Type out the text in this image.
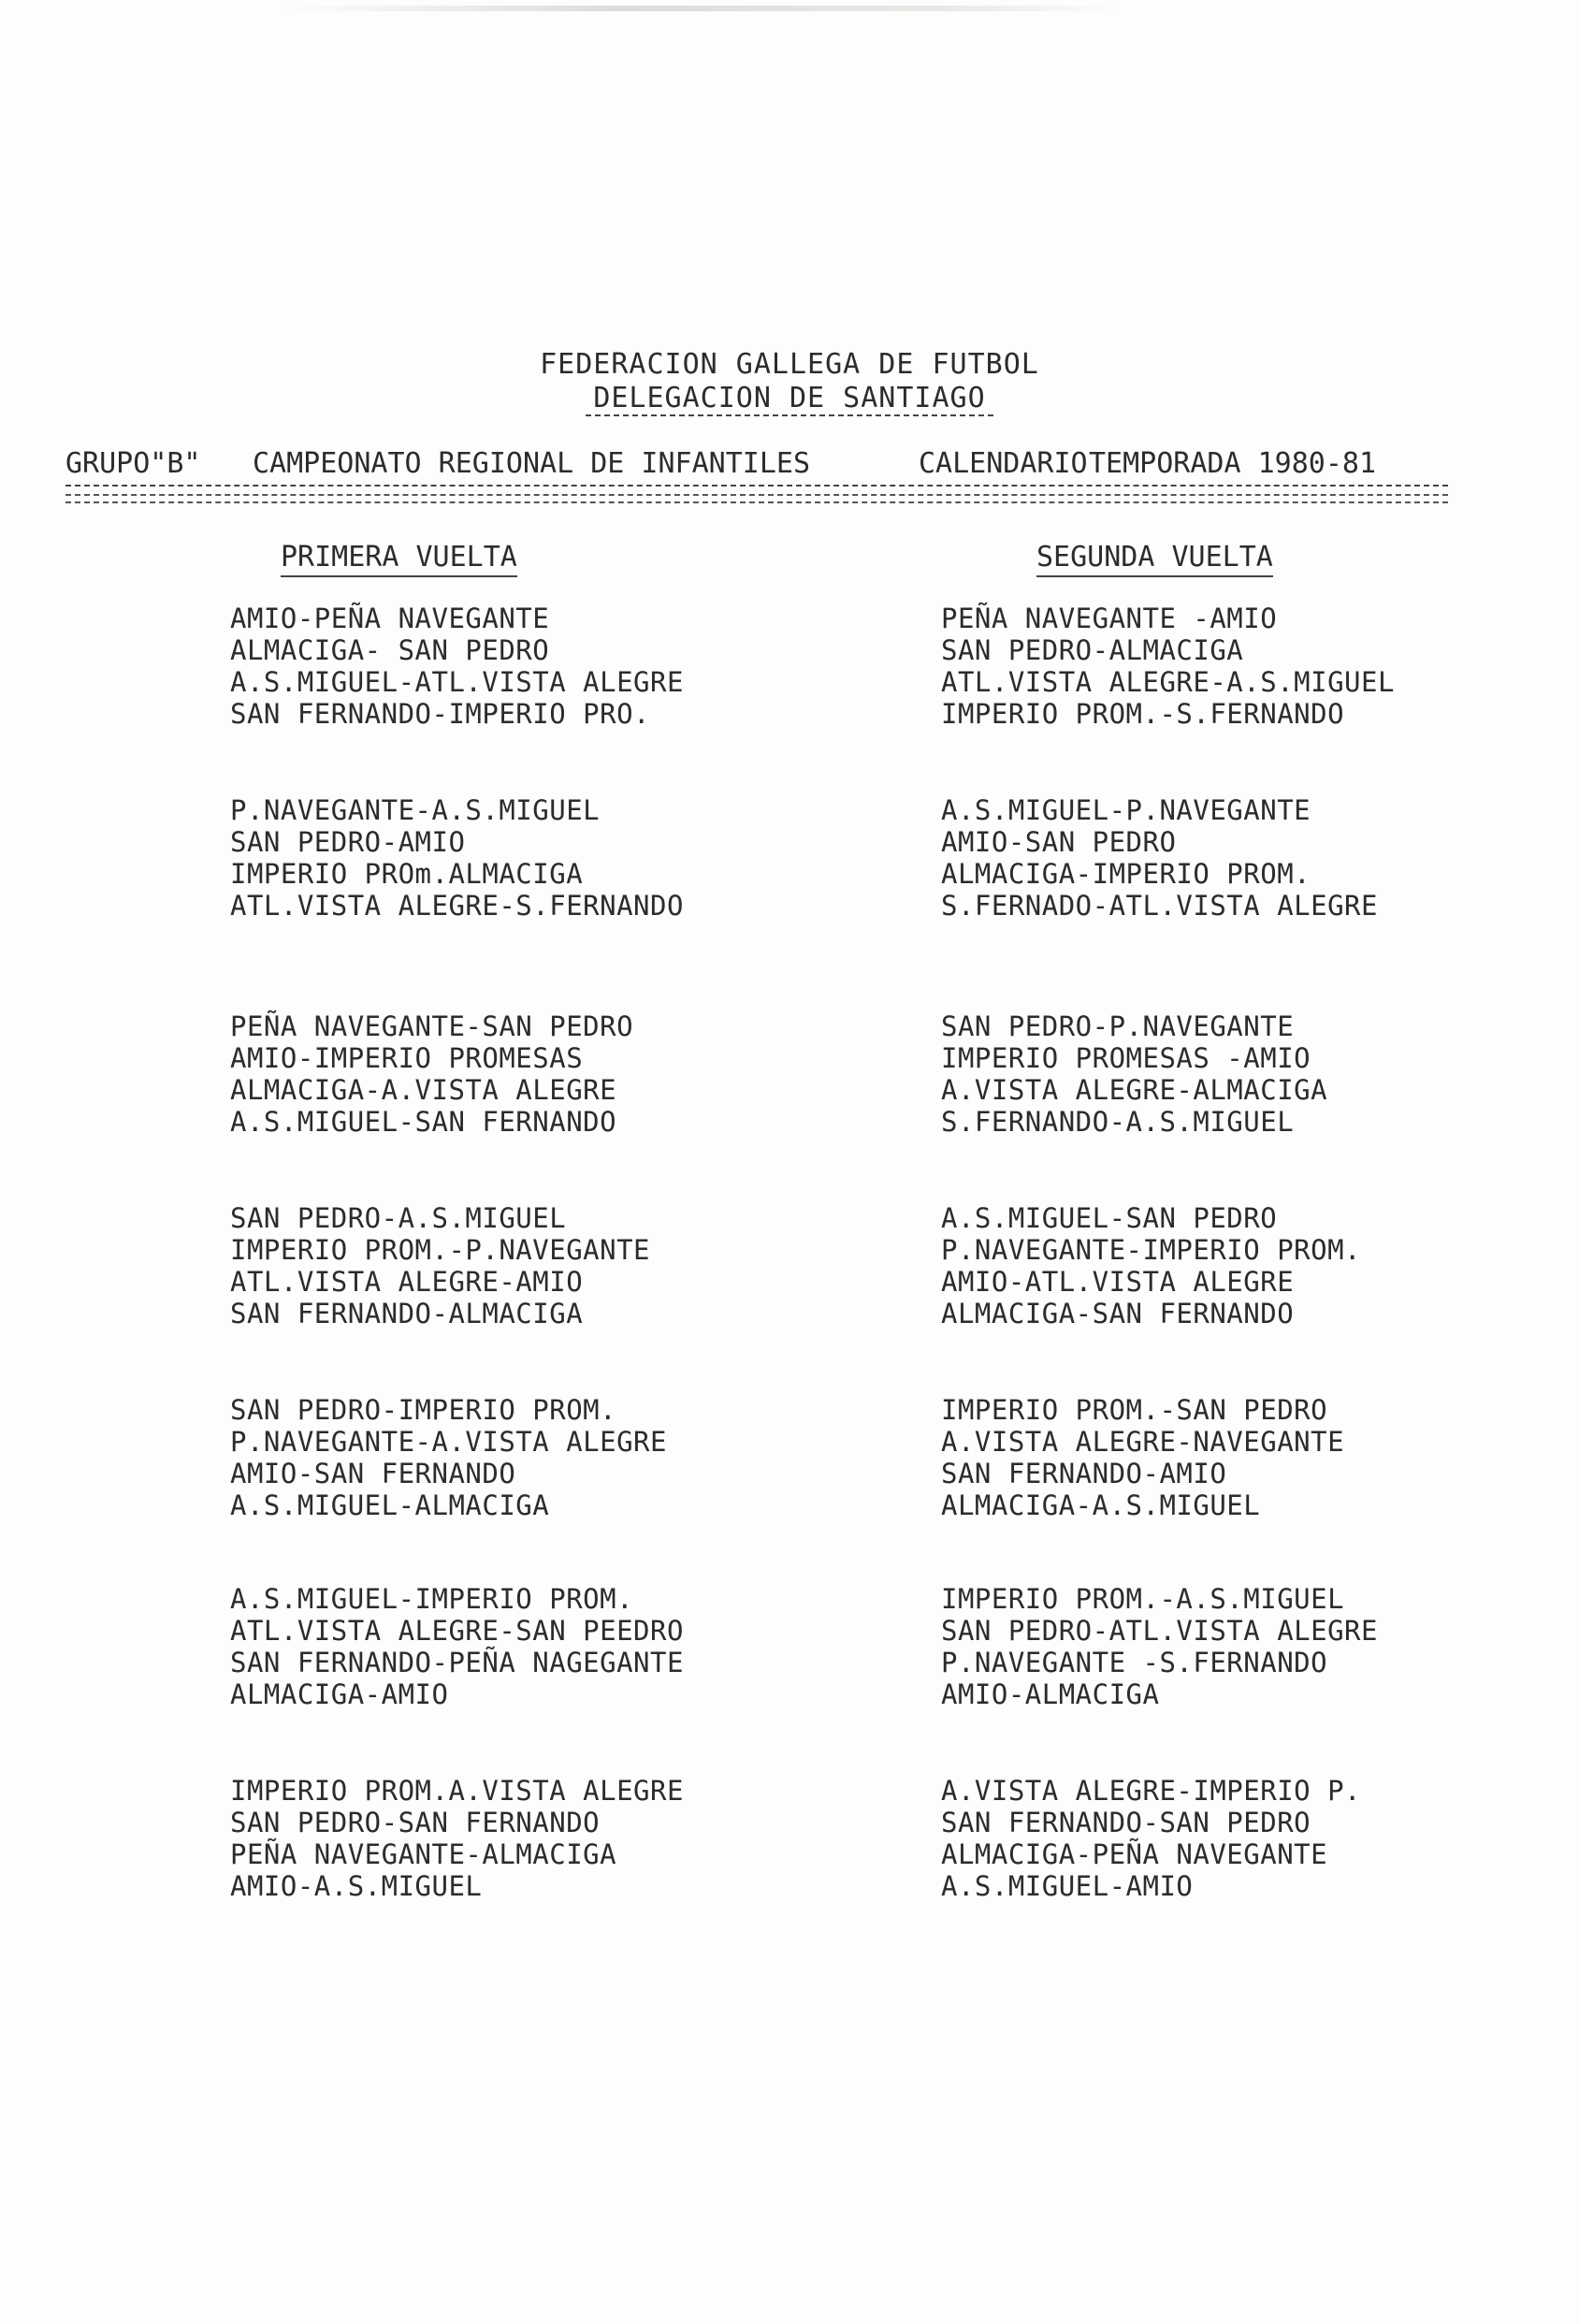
FEDERACION GALLEGA DE FUTBOL
DELEGACION DE SANTIAGO
GRUPO"B" CAMPEONATO REGIONAL DE INFANTILES	CALENDARIO TEMPORADA 1980-81
PRIMERA VUELTA	SEGUNDA VUELTA
AMIO-PEÑA NAVEGANTE
ALMACIGA- SAN PEDRO
A.S.MIGUEL-ATL.VISTA ALEGRE
SAN FERNANDO-IMPERIO PRO.
PEÑA NAVEGANTE -AMIO
SAN PEDRO-ALMACIGA
ATL.VISTA ALEGRE-A.S.MIGUEL
IMPERIO PROM.-S.FERNANDO
P.NAVEGANTE-A.S.MIGUEL
SAN PEDRO-AMIO
IMPERIO PROm.ALMACIGA
ATL.VISTA ALEGRE-S.FERNANDO
A.S.MIGUEL-P.NAVEGANTE
AMIO-SAN PEDRO
ALMACIGA-IMPERIO PROM.
S.FERNADO-ATL.VISTA ALEGRE
PEÑA NAVEGANTE-SAN PEDRO
AMIO-IMPERIO PROMESAS
ALMACIGA-A.VISTA ALEGRE
A.S.MIGUEL-SAN FERNANDO
SAN PEDRO-P.NAVEGANTE
IMPERIO PROMESAS -AMIO
A.VISTA ALEGRE-ALMACIGA
S.FERNANDO-A.S.MIGUEL
SAN PEDRO-A.S.MIGUEL
IMPERIO PROM.-P.NAVEGANTE
ATL.VISTA ALEGRE-AMIO
SAN FERNANDO-ALMACIGA
A.S.MIGUEL-SAN PEDRO
P.NAVEGANTE-IMPERIO PROM.
AMIO-ATL.VISTA ALEGRE
ALMACIGA-SAN FERNANDO
SAN PEDRO-IMPERIO PROM.
P.NAVEGANTE-A.VISTA ALEGRE
AMIO-SAN FERNANDO
A.S.MIGUEL-ALMACIGA
IMPERIO PROM.-SAN PEDRO
A.VISTA ALEGRE-NAVEGANTE
SAN FERNANDO-AMIO
ALMACIGA-A.S.MIGUEL
A.S.MIGUEL-IMPERIO PROM.
ATL.VISTA ALEGRE-SAN PEEDRO
SAN FERNANDO-PEÑA NAGEGANTE
ALMACIGA-AMIO
IMPERIO PROM.-A.S.MIGUEL
SAN PEDRO-ATL.VISTA ALEGRE
P.NAVEGANTE -S.FERNANDO
AMIO-ALMACIGA
IMPERIO PROM.A.VISTA ALEGRE
SAN PEDRO-SAN FERNANDO
PEÑA NAVEGANTE-ALMACIGA
AMIO-A.S.MIGUEL
A.VISTA ALEGRE-IMPERIO P.
SAN FERNANDO-SAN PEDRO
ALMACIGA-PEÑA NAVEGANTE
A.S.MIGUEL-AMIO
